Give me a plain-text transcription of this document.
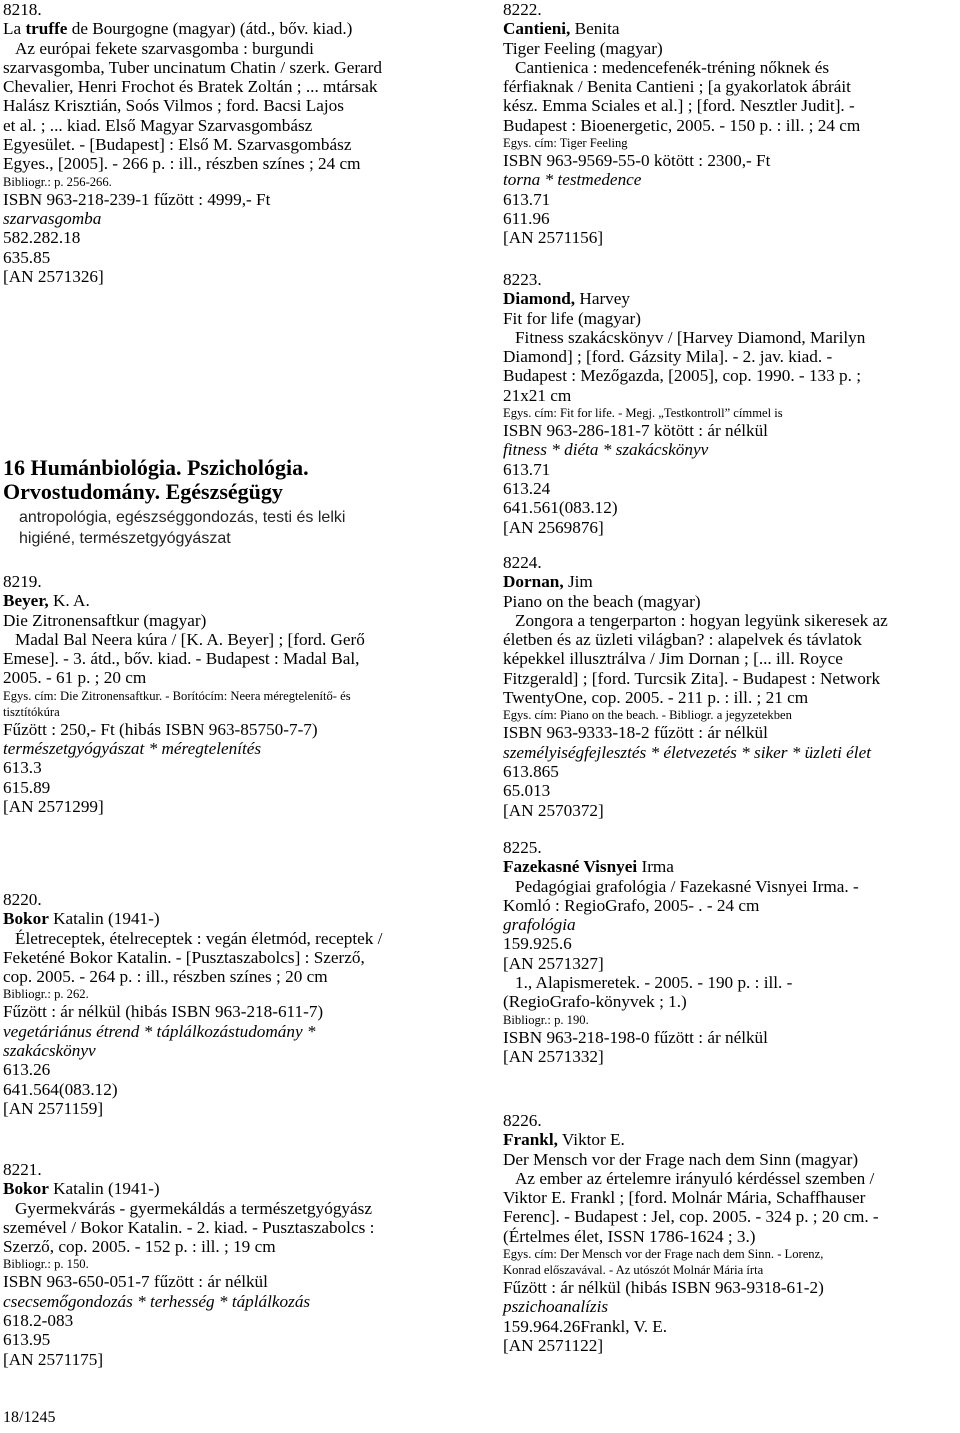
8218.
La truffe de Bourgogne (magyar) (átd., bőv. kiad.)
Az európai fekete szarvasgomba : burgundi
szarvasgomba, Tuber uncinatum Chatin / szerk. Gerard
Chevalier, Henri Frochot és Bratek Zoltán ; ... mtársak
Halász Krisztián, Soós Vilmos ; ford. Bacsi Lajos
et al. ; ... kiad. Első Magyar Szarvasgombász
Egyesület. - [Budapest] : Első M. Szarvasgombász
Egyes., [2005]. - 266 p. : ill., részben színes ; 24 cm
Bibliogr.: p. 256-266.
ISBN 963-218-239-1 fűzött : 4999,- Ft
szarvasgomba
582.282.18
635.85
[AN 2571326]
8219.
Beyer, K. A.
Die Zitronensaftkur (magyar)
Madal Bal Neera kúra / [K. A. Beyer] ; [ford. Gerő
Emese]. - 3. átd., bőv. kiad. - Budapest : Madal Bal,
2005. - 61 p. ; 20 cm
Egys. cím: Die Zitronensaftkur. - Borítócím: Neera méregtelenítő- és
tisztítókúra
Fűzött : 250,- Ft (hibás ISBN 963-85750-7-7)
természetgyógyászat * méregtelenítés
613.3
615.89
[AN 2571299]
8220.
Bokor Katalin (1941-)
Életreceptek, ételreceptek : vegán életmód, receptek /
Feketéné Bokor Katalin. - [Pusztaszabolcs] : Szerző,
cop. 2005. - 264 p. : ill., részben színes ; 20 cm
Bibliogr.: p. 262.
Fűzött : ár nélkül (hibás ISBN 963-218-611-7)
vegetáriánus étrend * táplálkozástudomány *
szakácskönyv
613.26
641.564(083.12)
[AN 2571159]
8221.
Bokor Katalin (1941-)
Gyermekvárás - gyermekáldás a természetgyógyász
szemével / Bokor Katalin. - 2. kiad. - Pusztaszabolcs :
Szerző, cop. 2005. - 152 p. : ill. ; 19 cm
Bibliogr.: p. 150.
ISBN 963-650-051-7 fűzött : ár nélkül
csecsemőgondozás * terhesség * táplálkozás
618.2-083
613.95
[AN 2571175]
16 Humánbiológia. Pszichológia.
Orvostudomány. Egészségügy
antropológia, egészséggondozás, testi és lelki
higiéné, természetgyógyászat
8222.
Cantieni, Benita
Tiger Feeling (magyar)
Cantienica : medencefenék-tréning nőknek és
férfiaknak / Benita Cantieni ; [a gyakorlatok ábráit
kész. Emma Sciales et al.] ; [ford. Nesztler Judit]. -
Budapest : Bioenergetic, 2005. - 150 p. : ill. ; 24 cm
Egys. cím: Tiger Feeling
ISBN 963-9569-55-0 kötött : 2300,- Ft
torna * testmedence
613.71
611.96
[AN 2571156]
8223.
Diamond, Harvey
Fit for life (magyar)
Fitness szakácskönyv / [Harvey Diamond, Marilyn
Diamond] ; [ford. Gázsity Mila]. - 2. jav. kiad. -
Budapest : Mezőgazda, [2005], cop. 1990. - 133 p. ;
21x21 cm
Egys. cím: Fit for life. - Megj. „Testkontroll” címmel is
ISBN 963-286-181-7 kötött : ár nélkül
fitness * diéta * szakácskönyv
613.71
613.24
641.561(083.12)
[AN 2569876]
8224.
Dornan, Jim
Piano on the beach (magyar)
Zongora a tengerparton : hogyan legyünk sikeresek az
életben és az üzleti világban? : alapelvek és távlatok
képekkel illusztrálva / Jim Dornan ; [... ill. Royce
Fitzgerald] ; [ford. Turcsik Zita]. - Budapest : Network
TwentyOne, cop. 2005. - 211 p. : ill. ; 21 cm
Egys. cím: Piano on the beach. - Bibliogr. a jegyzetekben
ISBN 963-9333-18-2 fűzött : ár nélkül
személyiségfejlesztés * életvezetés * siker * üzleti élet
613.865
65.013
[AN 2570372]
8225.
Fazekasné Visnyei Irma
Pedagógiai grafológia / Fazekasné Visnyei Irma. -
Komló : RegioGrafo, 2005- . - 24 cm
grafológia
159.925.6
[AN 2571327]
1., Alapismeretek. - 2005. - 190 p. : ill. -
(RegioGrafo-könyvek ; 1.)
Bibliogr.: p. 190.
ISBN 963-218-198-0 fűzött : ár nélkül
[AN 2571332]
8226.
Frankl, Viktor E.
Der Mensch vor der Frage nach dem Sinn (magyar)
Az ember az értelemre irányuló kérdéssel szemben /
Viktor E. Frankl ; [ford. Molnár Mária, Schaffhauser
Ferenc]. - Budapest : Jel, cop. 2005. - 324 p. ; 20 cm. -
(Értelmes élet, ISSN 1786-1624 ; 3.)
Egys. cím: Der Mensch vor der Frage nach dem Sinn. - Lorenz,
Konrad előszavával. - Az utószót Molnár Mária írta
Fűzött : ár nélkül (hibás ISBN 963-9318-61-2)
pszichoanalízis
159.964.26Frankl, V. E.
[AN 2571122]
18/1245
